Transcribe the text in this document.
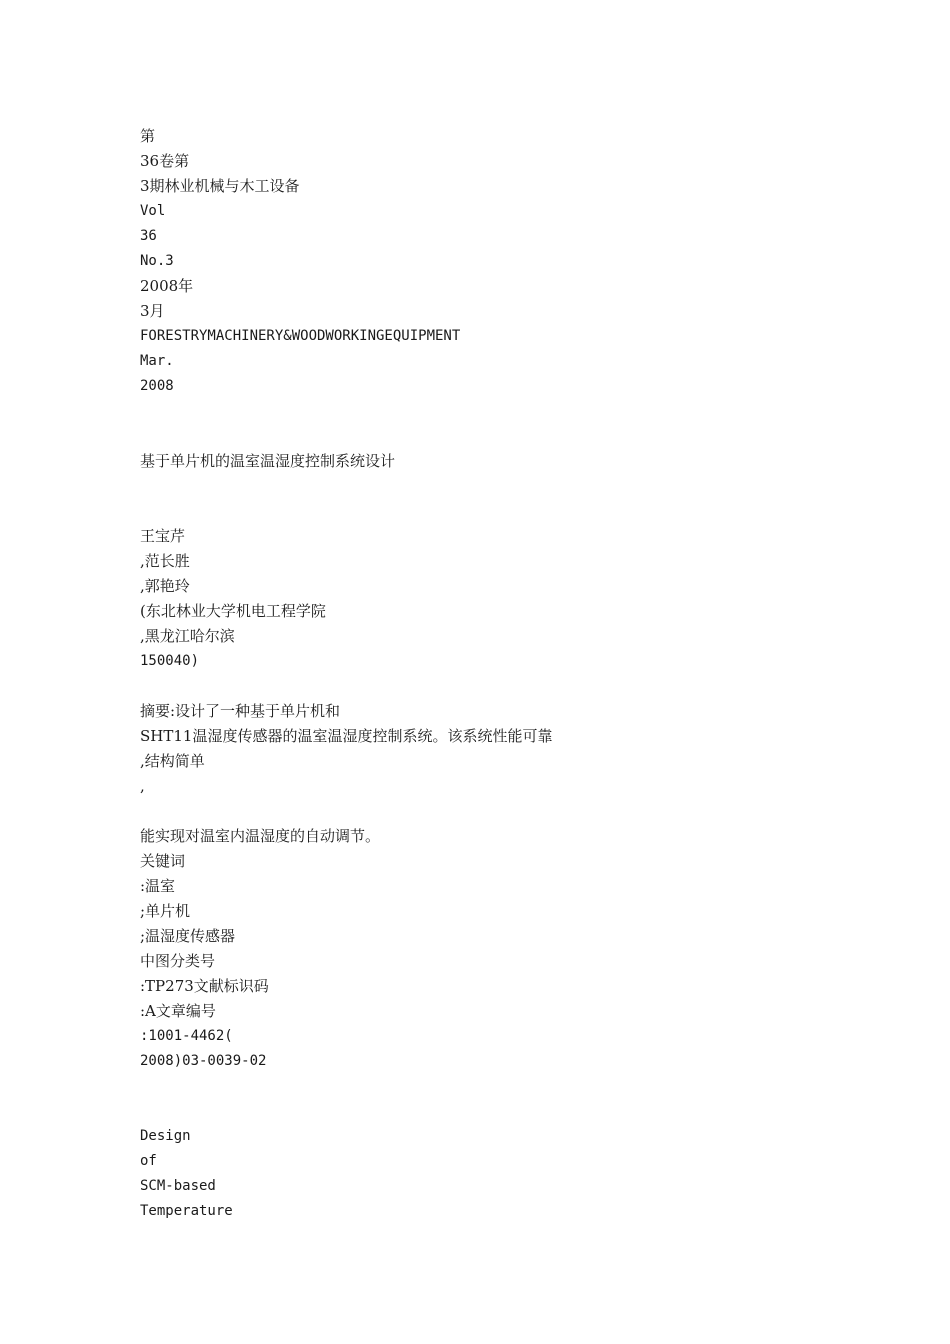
第
36卷第
3期林业机械与木工设备
Vol
36
No.3
2008年
3月
FORESTRYMACHINERY&WOODWORKINGEQUIPMENT
Mar.
2008
基于单片机的温室温湿度控制系统设计
王宝芹
,范长胜
,郭艳玲
(东北林业大学机电工程学院
,黑龙江哈尔滨
150040)
摘要:设计了一种基于单片机和
SHT11温湿度传感器的温室温湿度控制系统。该系统性能可靠
,结构简单
,
能实现对温室内温湿度的自动调节。
关键词
:温室
;单片机
;温湿度传感器
中图分类号
:TP273文献标识码
:A文章编号
:1001-4462(
2008)03-0039-02
Design
of
SCM-based
Temperature
